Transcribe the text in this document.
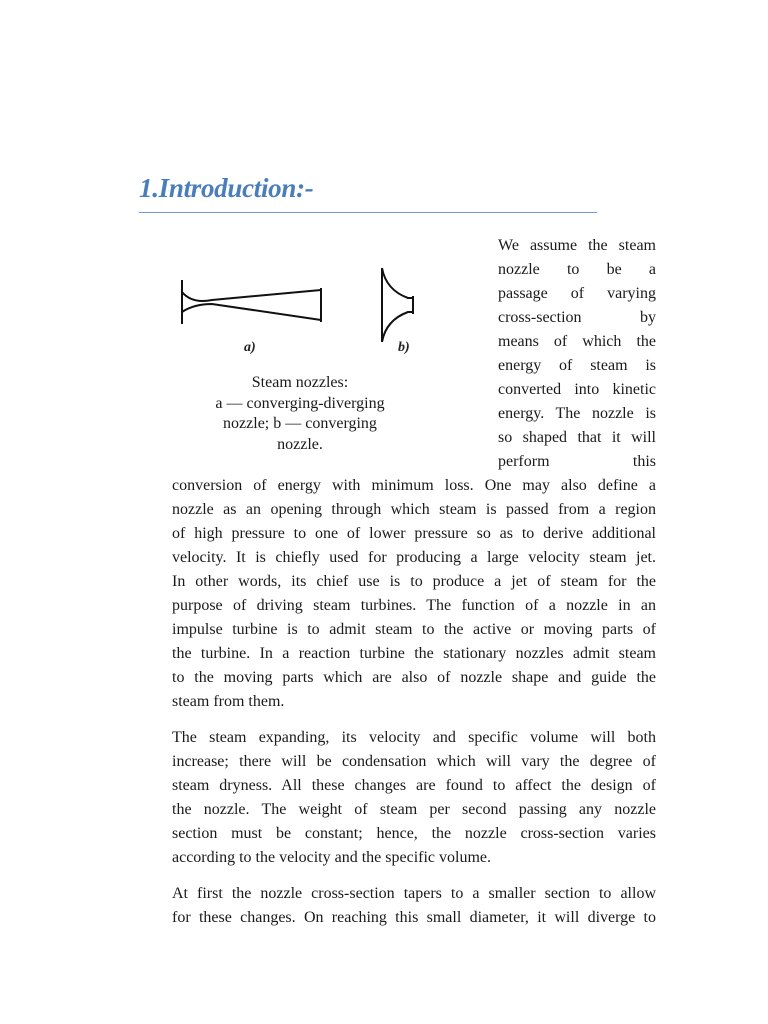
1.Introduction:-
a)	b)
Steam nozzles:
a — converging-diverging
nozzle; b — converging
nozzle.
We assume the steam
nozzle to be a
passage of varying
cross-section by
means of which the
energy of steam is
converted into kinetic
energy. The nozzle is
so shaped that it will
perform this
conversion of energy with minimum loss. One may also define a
nozzle as an opening through which steam is passed from a region
of high pressure to one of lower pressure so as to derive additional
velocity. It is chiefly used for producing a large velocity steam jet.
In other words, its chief use is to produce a jet of steam for the
purpose of driving steam turbines. The function of a nozzle in an
impulse turbine is to admit steam to the active or moving parts of
the turbine. In a reaction turbine the stationary nozzles admit steam
to the moving parts which are also of nozzle shape and guide the
steam from them.
The steam expanding, its velocity and specific volume will both
increase; there will be condensation which will vary the degree of
steam dryness. All these changes are found to affect the design of
the nozzle. The weight of steam per second passing any nozzle
section must be constant; hence, the nozzle cross-section varies
according to the velocity and the specific volume.
At first the nozzle cross-section tapers to a smaller section to allow
for these changes. On reaching this small diameter, it will diverge to
